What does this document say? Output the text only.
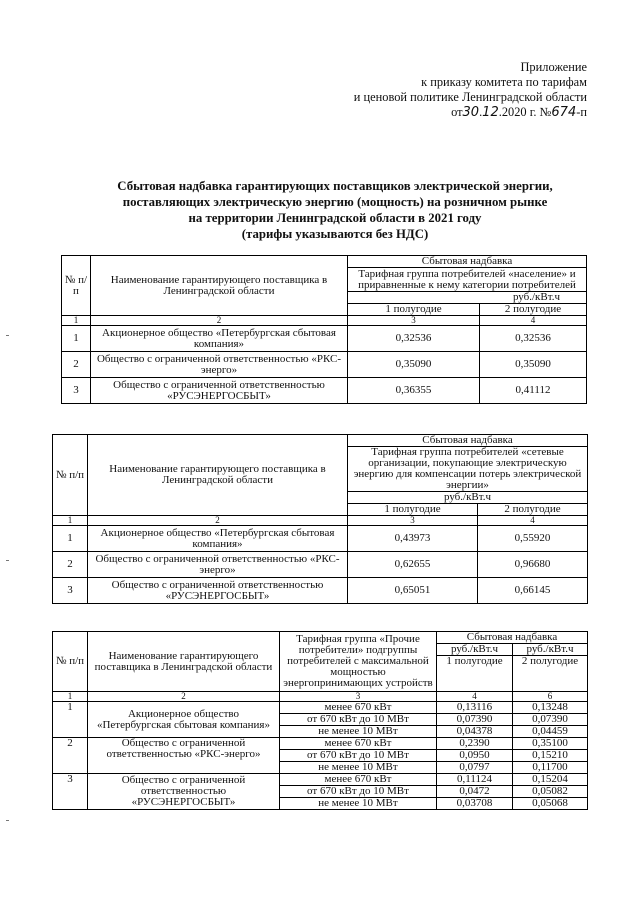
Приложение
к приказу комитета по тарифам
и ценовой политике Ленинградской области
от30.12.2020 г. №674-п
Сбытовая надбавка гарантирующих поставщиков электрической энергии,
поставляющих электрическую энергию (мощность) на розничном рынке
на территории Ленинградской области в 2021 году
(тарифы указываются без НДС)
№ п/п	Наименование гарантирующего поставщика в Ленинградской области	Сбытовая надбавка	
		Тарифная группа потребителей «население» и приравненные к нему категории потребителей	
		руб./кВт.ч	
		1 полугодие	2 полугодие
1	2	3	4
1	Акционерное общество «Петербургская сбытовая компания»	0,32536	0,32536
2	Общество с ограниченной ответственностью «РКС-энерго»	0,35090	0,35090
3	Общество с ограниченной ответственностью «РУСЭНЕРГОСБЫТ»	0,36355	0,41112
№ п/п	Наименование гарантирующего поставщика в Ленинградской области	Сбытовая надбавка	
		Тарифная группа потребителей «сетевые организации, покупающие электрическую энергию для компенсации потерь электрической энергии»	
		руб./кВт.ч	
		1 полугодие	2 полугодие
1	2	3	4
1	Акционерное общество «Петербургская сбытовая компания»	0,43973	0,55920
2	Общество с ограниченной ответственностью «РКС-энерго»	0,62655	0,96680
3	Общество с ограниченной ответственностью «РУСЭНЕРГОСБЫТ»	0,65051	0,66145
№ п/п	Наименование гарантирующего поставщика в Ленинградской области	Тарифная группа «Прочие потребители» подгруппы потребителей с максимальной мощностью энергопринимающих устройств	Сбытовая надбавка	
			руб./кВт.ч	руб./кВт.ч
			1 полугодие	2 полугодие
1	2	3	4	6
1	Акционерное общество «Петербургская сбытовая компания»	менее 670 кВт	0,13116	0,13248
		от 670 кВт до 10 МВт	0,07390	0,07390
		не менее 10 МВт	0,04378	0,04459
2	Общество с ограниченной ответственностью «РКС-энерго»	менее 670 кВт	0,2390	0,35100
		от 670 кВт до 10 МВт	0,0950	0,15210
		не менее 10 МВт	0,0797	0,11700
3	Общество с ограниченной ответственностью «РУСЭНЕРГОСБЫТ»	менее 670 кВт	0,11124	0,15204
		от 670 кВт до 10 МВт	0,0472	0,05082
		не менее 10 МВт	0,03708	0,05068
